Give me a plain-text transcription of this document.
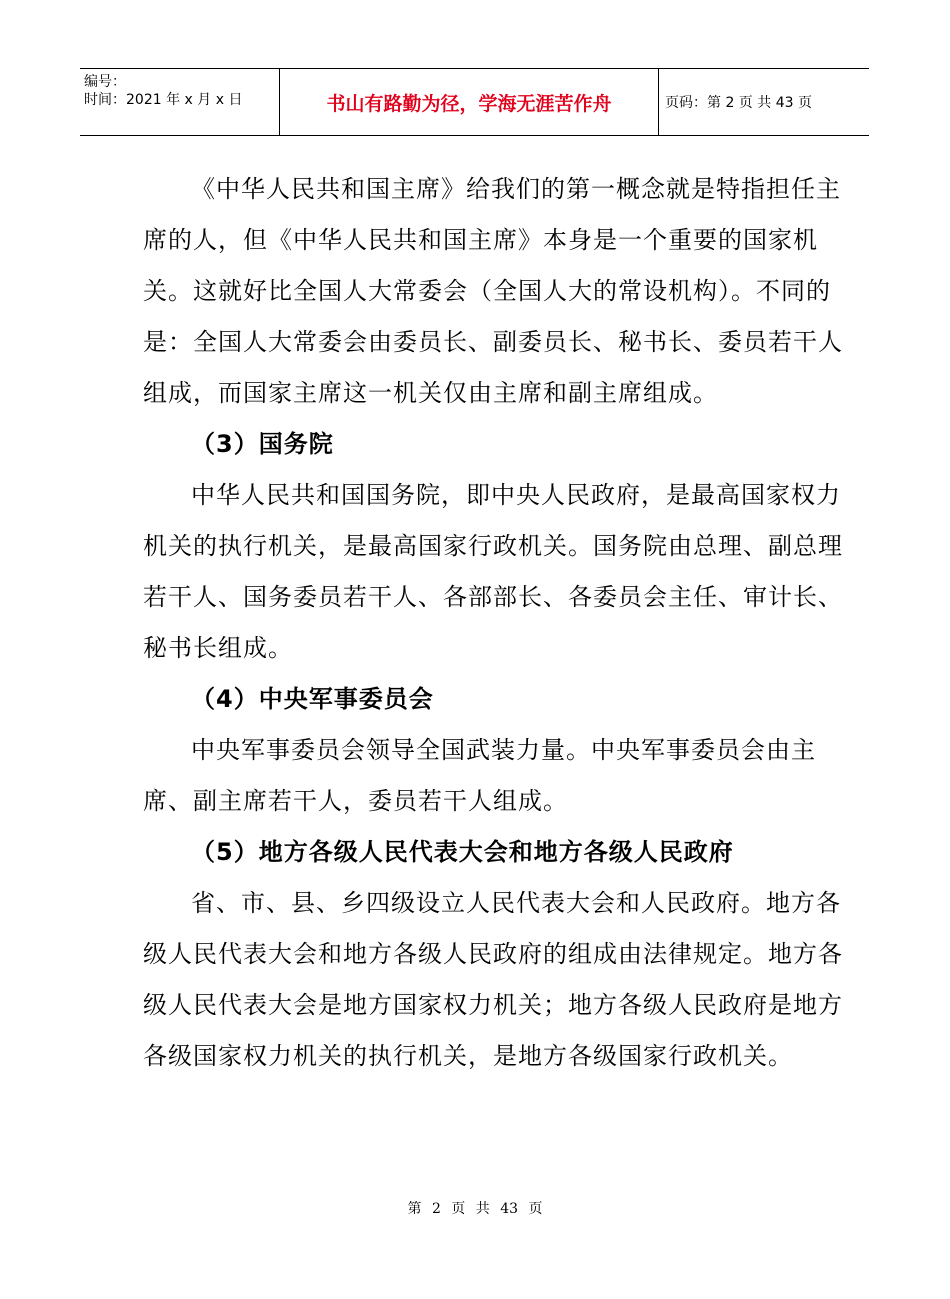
编号：
时间：2021 年 x 月 x 日	书山有路勤为径，学海无涯苦作舟	页码：第 2 页 共 43 页

《中华人民共和国主席》给我们的第一概念就是特指担任主席的人，但《中华人民共和国主席》本身是一个重要的国家机关。这就好比全国人大常委会（全国人大的常设机构）。不同的是：全国人大常委会由委员长、副委员长、秘书长、委员若干人组成，而国家主席这一机关仅由主席和副主席组成。

（3）国务院

中华人民共和国国务院，即中央人民政府，是最高国家权力机关的执行机关，是最高国家行政机关。国务院由总理、副总理若干人、国务委员若干人、各部部长、各委员会主任、审计长、秘书长组成。

（4）中央军事委员会

中央军事委员会领导全国武装力量。中央军事委员会由主席、副主席若干人，委员若干人组成。

（5）地方各级人民代表大会和地方各级人民政府

省、市、县、乡四级设立人民代表大会和人民政府。地方各级人民代表大会和地方各级人民政府的组成由法律规定。地方各级人民代表大会是地方国家权力机关；地方各级人民政府是地方各级国家权力机关的执行机关，是地方各级国家行政机关。

第 2 页 共 43 页
